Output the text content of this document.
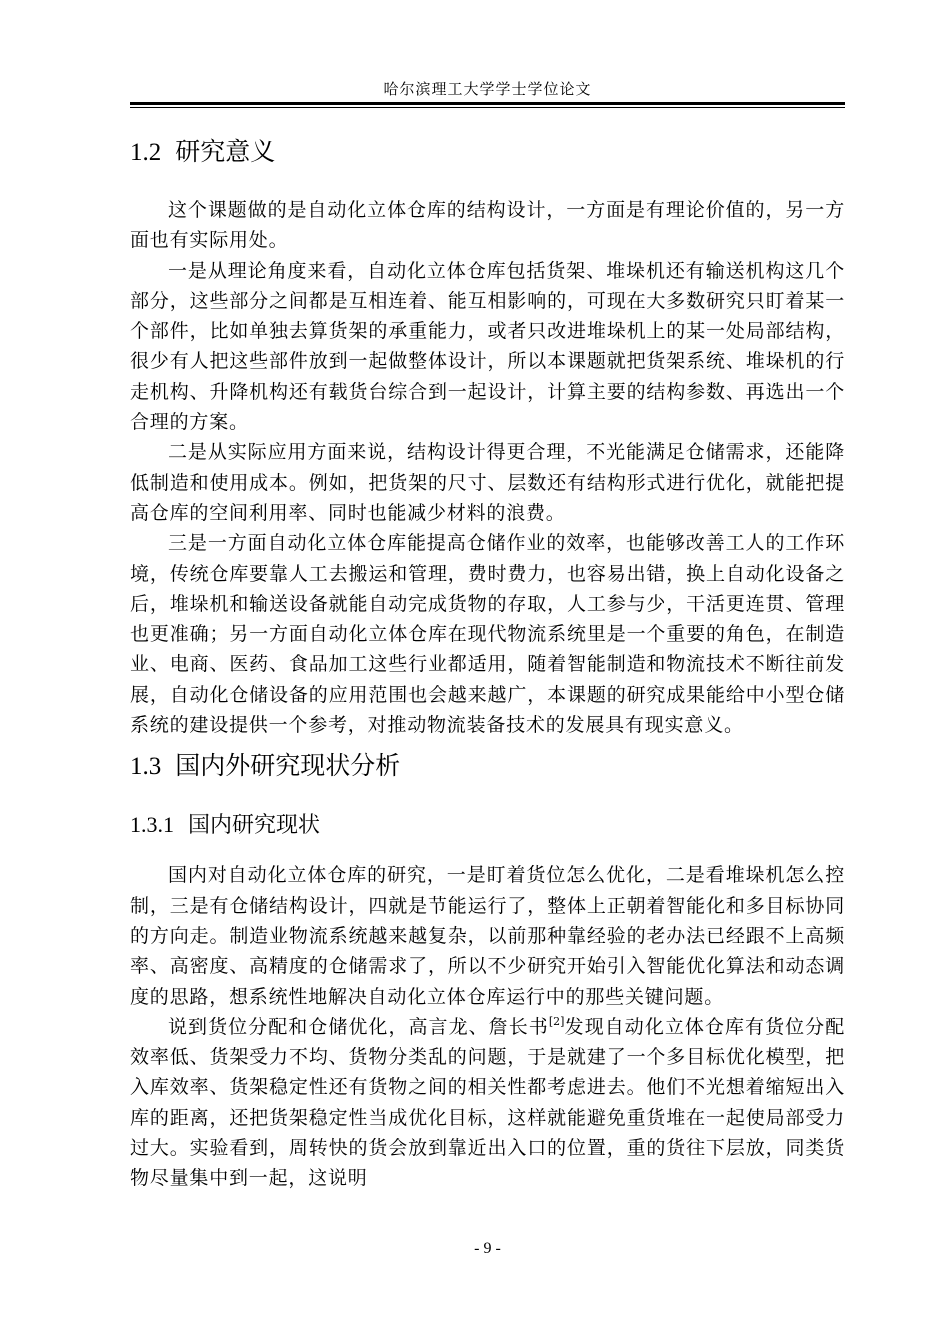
哈尔滨理工大学学士学位论文
1.2 研究意义

这个课题做的是自动化立体仓库的结构设计，一方面是有理论价值的，另一方面也有实际用处。

一是从理论角度来看，自动化立体仓库包括货架、堆垛机还有输送机构这几个部分，这些部分之间都是互相连着、能互相影响的，可现在大多数研究只盯着某一个部件，比如单独去算货架的承重能力，或者只改进堆垛机上的某一处局部结构，很少有人把这些部件放到一起做整体设计，所以本课题就把货架系统、堆垛机的行走机构、升降机构还有载货台综合到一起设计，计算主要的结构参数、再选出一个合理的方案。

二是从实际应用方面来说，结构设计得更合理，不光能满足仓储需求，还能降低制造和使用成本。例如，把货架的尺寸、层数还有结构形式进行优化，就能把提高仓库的空间利用率、同时也能减少材料的浪费。

三是一方面自动化立体仓库能提高仓储作业的效率，也能够改善工人的工作环境，传统仓库要靠人工去搬运和管理，费时费力，也容易出错，换上自动化设备之后，堆垛机和输送设备就能自动完成货物的存取，人工参与少，干活更连贯、管理也更准确；另一方面自动化立体仓库在现代物流系统里是一个重要的角色，在制造业、电商、医药、食品加工这些行业都适用，随着智能制造和物流技术不断往前发展，自动化仓储设备的应用范围也会越来越广，本课题的研究成果能给中小型仓储系统的建设提供一个参考，对推动物流装备技术的发展具有现实意义。

1.3 国内外研究现状分析
1.3.1 国内研究现状

国内对自动化立体仓库的研究，一是盯着货位怎么优化，二是看堆垛机怎么控制，三是有仓储结构设计，四就是节能运行了，整体上正朝着智能化和多目标协同的方向走。制造业物流系统越来越复杂，以前那种靠经验的老办法已经跟不上高频率、高密度、高精度的仓储需求了，所以不少研究开始引入智能优化算法和动态调度的思路，想系统性地解决自动化立体仓库运行中的那些关键问题。

说到货位分配和仓储优化，高言龙、詹长书[2]发现自动化立体仓库有货位分配效率低、货架受力不均、货物分类乱的问题，于是就建了一个多目标优化模型，把入库效率、货架稳定性还有货物之间的相关性都考虑进去。他们不光想着缩短出入库的距离，还把货架稳定性当成优化目标，这样就能避免重货堆在一起使局部受力过大。实验看到，周转快的货会放到靠近出入口的位置，重的货往下层放，同类货物尽量集中到一起，这说明

- 9 -
